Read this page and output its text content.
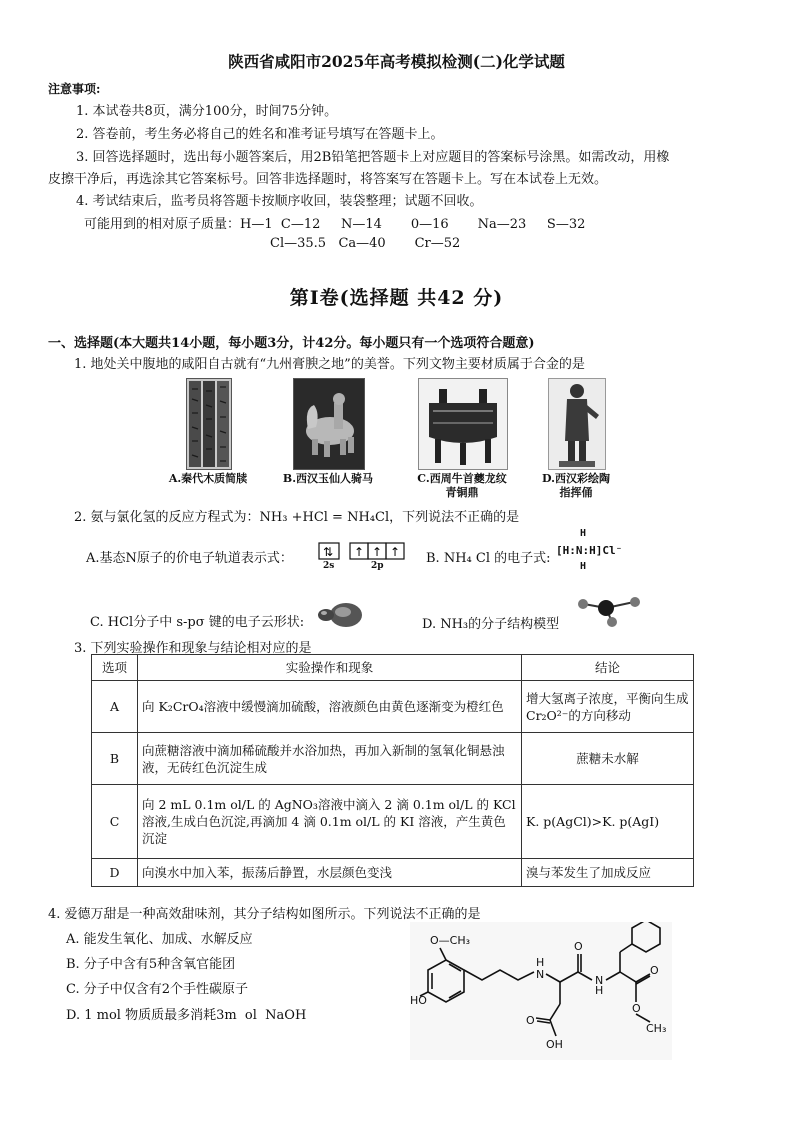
陕西省咸阳市2025年高考模拟检测(二)化学试题
注意事项:
1. 本试卷共8页，满分100分，时间75分钟。
2. 答卷前，考生务必将自己的姓名和准考证号填写在答题卡上。
3. 回答选择题时，选出每小题答案后，用2B铅笔把答题卡上对应题目的答案标号涂黑。如需改动，用橡
皮擦干净后，再选涂其它答案标号。回答非选择题时，将答案写在答题卡上。写在本试卷上无效。
4. 考试结束后，监考员将答题卡按顺序收回，装袋整理；试题不回收。
可能用到的相对原子质量：H—1  C—12     N—14       0—16       Na—23     S—32
Cl—35.5   Ca—40       Cr—52
第Ⅰ卷(选择题 共42 分)
一、选择题(本大题共14小题，每小题3分，计42分。每小题只有一个选项符合题意)
1. 地处关中腹地的咸阳自古就有“九州膏腴之地”的美誉。下列文物主要材质属于合金的是
A.秦代木质简牍	B.西汉玉仙人骑马	C.西周牛首夔龙纹
青铜鼎
D.西汉彩绘陶
指挥俑
2. 氨与氯化氢的反应方程式为：NH₃ +HCl = NH₄Cl，下列说法不正确的是
A.基态N原子的价电子轨道表示式：	⇅ ↑ ↑ ↑
2s	2p	B. NH₄ Cl 的电子式:
H
[H:N:H]Cl⁻
H
C. HCl分子中 s-pσ 键的电子云形状:	D. NH₃的分子结构模型
3. 下列实验操作和现象与结论相对应的是
选项	实验操作和现象	结论
A	向 K₂CrO₄溶液中缓慢滴加硫酸，溶液颜色由黄色逐渐变为橙红色	增大氢离子浓度，平衡向生成 Cr₂O²⁻的方向移动
B	向蔗糖溶液中滴加稀硫酸并水浴加热，再加入新制的氢氧化铜悬浊液，无砖红色沉淀生成	蔗糖未水解
C	向 2 mL 0.1m ol/L 的 AgNO₃溶液中滴入 2 滴 0.1m ol/L 的 KCl 溶液,生成白色沉淀,再滴加 4 滴 0.1m ol/L 的 KI 溶液，产生黄色沉淀	K. p(AgCl)>K. p(AgI)
D	向溴水中加入苯，振荡后静置，水层颜色变浅	溴与苯发生了加成反应
4. 爱德万甜是一种高效甜味剂，其分子结构如图所示。下列说法不正确的是
A. 能发生氧化、加成、水解反应
B. 分子中含有5种含氧官能团
C. 分子中仅含有2个手性碳原子
D. 1 mol 物质质最多消耗3m  ol  NaOH
O—CH₃
HO
H
N
H
N
O
O
OH
O
O
CH₃
